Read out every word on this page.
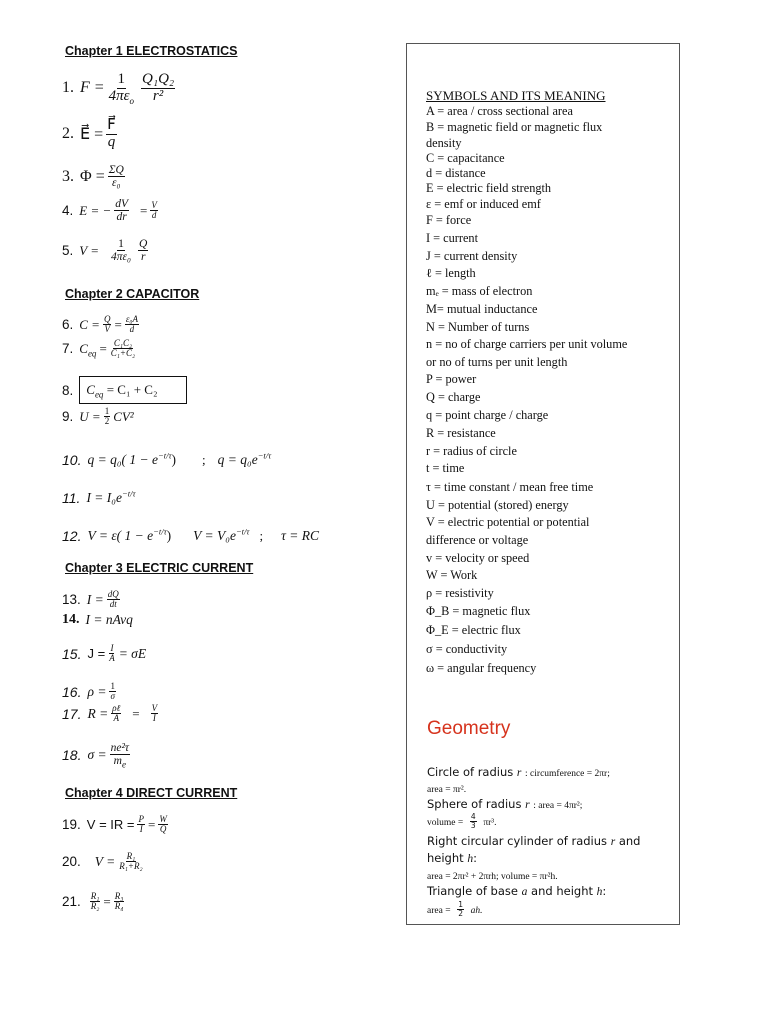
Chapter 1 ELECTROSTATICS
1. $F = \frac{1}{4\pi\varepsilon_o} \frac{\text{Q₁Q₂}}{\text{r²}}$
2. E⃗ = $\frac{F⃗}{q}$
3. $\Phi = \frac{\Sigma Q}{\text{ε₀}}$
4. E = − $\frac{dV}{dr} = \frac{V}{d}$
5. $V = \frac{1}{\text{4πε₀}} \frac{Q}{r}$
Chapter 2 CAPACITOR
6. $C = \frac{Q}{V} = \frac{\text{ε₀A}}{d}$
7. $C_{eq} = \frac{\text{C₁C₂}}{\text{C₁+C₂}}$
8.	$C_{eq} = C_1 + C_2$
9. $U = \frac{1}{2} CV^2$
10. q = q₀( $1 - e^{-t/\tau}$) ; $q = q_0e^{-t/\tau}$
11. $I = I_0e^{-t/\tau}$
12. V = ε( $1 - e^{-t/\tau}$) $V = V_0e^{-t/\tau}$ ; τ = RC
Chapter 3 ELECTRIC CURRENT
13. $I = \frac{dQ}{dt}$
14. I = nAvq
15. $J = \frac{I}{A} = \sigma E$
16. $\rho = \frac{1}{\sigma}$
17. $R = \frac{\text{ρℓ}}{A} = \frac{V}{I}$
18. $\sigma = \frac{\text{ne²τ}}{m_e}$
Chapter 4 DIRECT CURRENT
19. V = IR = $\frac{P}{I} = \frac{W}{Q}$
20. $V = \frac{\text{R₁}}{\text{R₁+R₂}}$
21. $\frac{\text{R₁}}{\text{R₂}} = \frac{\text{R₃}}{\text{R₄}}$
SYMBOLS AND ITS MEANING
A = area / cross sectional area
B = magnetic field or magnetic flux
density
C = capacitance
d = distance
E = electric field strength
ε = emf or induced emf
F = force
I = current
J = current density
ℓ = length
mₑ = mass of electron
M= mutual inductance
N = Number of turns
n = no of charge carriers per unit volume
or no of turns per unit length
P = power
Q = charge
q = point charge / charge
R = resistance
r = radius of circle
t = time
τ = time constant / mean free time
U = potential (stored) energy
V = electric potential or potential
difference or voltage
v = velocity or speed
W = Work
ρ = resistivity
Φ_B = magnetic flux
Φ_E = electric flux
σ = conductivity
ω = angular frequency
Geometry
Circle of radius r : circumference = 2πr;
area = πr².
Sphere of radius r : area = 4πr²;
volume = $\frac{4}{3} \pi r^3$.
Right circular cylinder of radius r and
height h:
area = 2πr² + 2πrh; volume = πr²h.
Triangle of base a and height h:
area = $\frac{1}{2}$ ah.
